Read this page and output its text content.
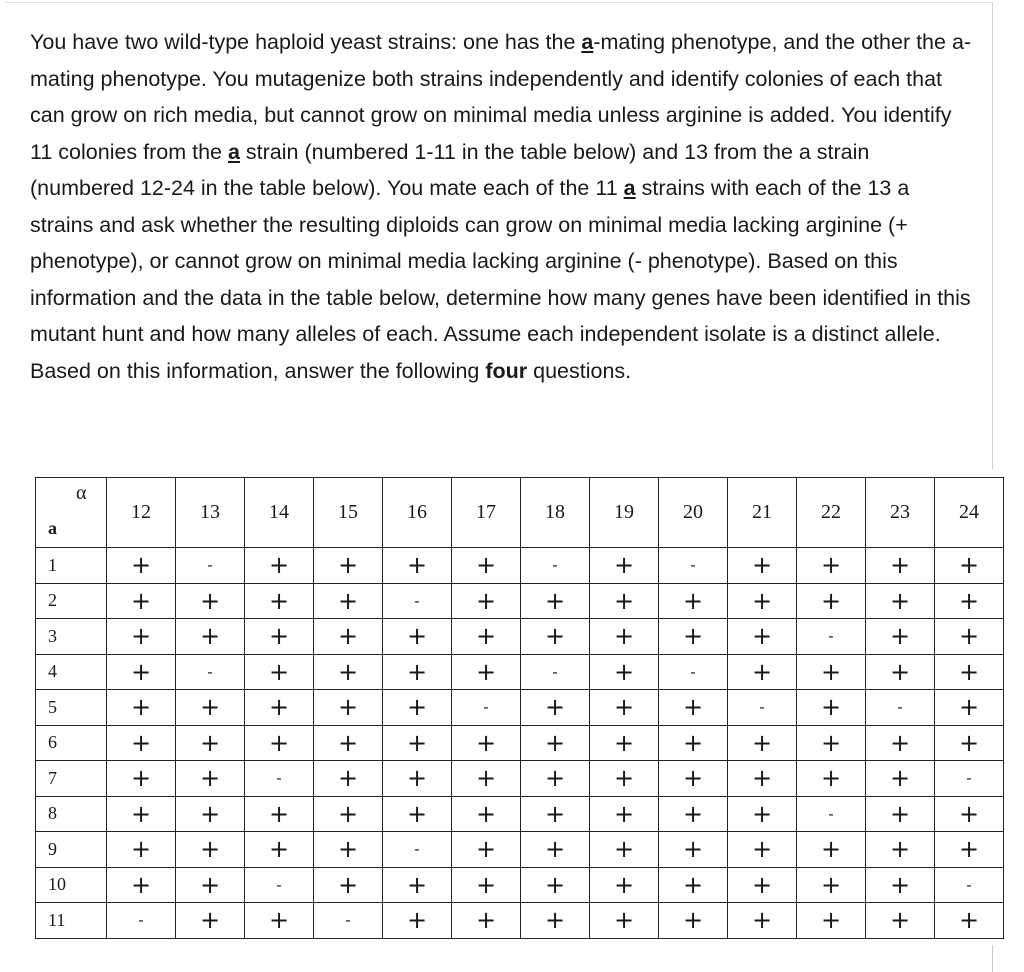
You have two wild-type haploid yeast strains: one has the a-mating phenotype, and the other the a-mating phenotype. You mutagenize both strains independently and identify colonies of each that can grow on rich media, but cannot grow on minimal media unless arginine is added. You identify 11 colonies from the a strain (numbered 1-11 in the table below) and 13 from the a strain (numbered 12-24 in the table below). You mate each of the 11 a strains with each of the 13 a strains and ask whether the resulting diploids can grow on minimal media lacking arginine (+ phenotype), or cannot grow on minimal media lacking arginine (- phenotype). Based on this information and the data in the table below, determine how many genes have been identified in this mutant hunt and how many alleles of each. Assume each independent isolate is a distinct allele. Based on this information, answer the following four questions.

α
a	12	13	14	15	16	17	18	19	20	21	22	23	24
1	+	-	+	+	+	+	-	+	-	+	+	+	+
2	+	+	+	+	-	+	+	+	+	+	+	+	+
3	+	+	+	+	+	+	+	+	+	+	-	+	+
4	+	-	+	+	+	+	-	+	-	+	+	+	+
5	+	+	+	+	+	-	+	+	+	-	+	-	+
6	+	+	+	+	+	+	+	+	+	+	+	+	+
7	+	+	-	+	+	+	+	+	+	+	+	+	-
8	+	+	+	+	+	+	+	+	+	+	-	+	+
9	+	+	+	+	-	+	+	+	+	+	+	+	+
10	+	+	-	+	+	+	+	+	+	+	+	+	-
11	-	+	+	-	+	+	+	+	+	+	+	+	+
